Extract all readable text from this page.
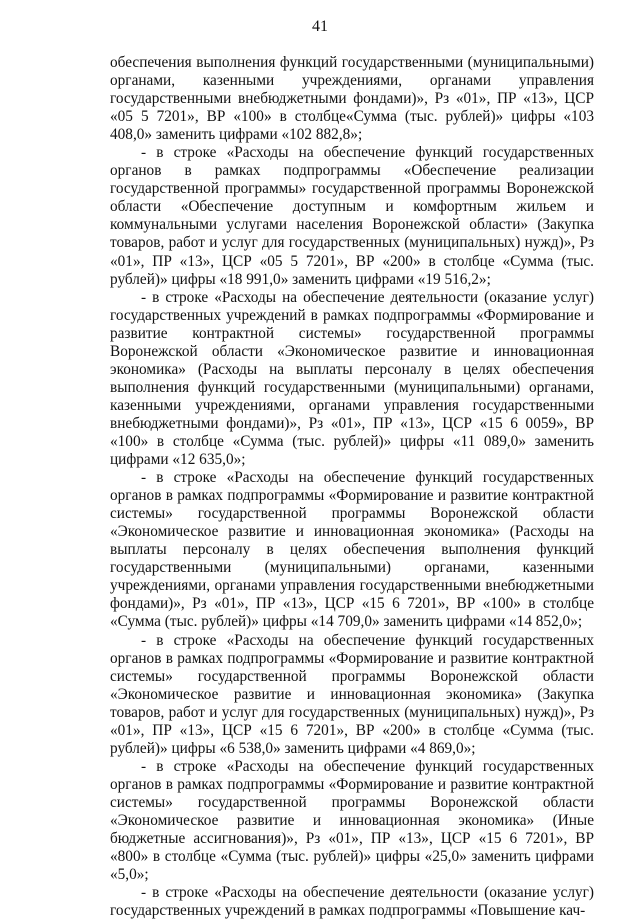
41

обеспечения выполнения функций государственными (муниципальными) органами, казенными учреждениями, органами управления государственными внебюджетными фондами)», Рз «01», ПР «13», ЦСР «05 5 7201», ВР «100» в столбце«Сумма (тыс. рублей)» цифры «103 408,0» заменить цифрами «102 882,8»;

- в строке «Расходы на обеспечение функций государственных органов в рамках подпрограммы «Обеспечение реализации государственной программы» государственной программы Воронежской области «Обеспечение доступным и комфортным жильем и коммунальными услугами населения Воронежской области» (Закупка товаров, работ и услуг для государственных (муниципальных) нужд)», Рз «01», ПР «13», ЦСР «05 5 7201», ВР «200» в столбце «Сумма (тыс. рублей)» цифры «18 991,0» заменить цифрами «19 516,2»;

- в строке «Расходы на обеспечение деятельности (оказание услуг) государственных учреждений в рамках подпрограммы «Формирование и развитие контрактной системы» государственной программы Воронежской области «Экономическое развитие и инновационная экономика» (Расходы на выплаты персоналу в целях обеспечения выполнения функций государственными (муниципальными) органами, казенными учреждениями, органами управления государственными внебюджетными фондами)», Рз «01», ПР «13», ЦСР «15 6 0059», ВР «100» в столбце «Сумма (тыс. рублей)» цифры «11 089,0» заменить цифрами «12 635,0»;

- в строке «Расходы на обеспечение функций государственных органов в рамках подпрограммы «Формирование и развитие контрактной системы» государственной программы Воронежской области «Экономическое развитие и инновационная экономика» (Расходы на выплаты персоналу в целях обеспечения выполнения функций государственными (муниципальными) органами, казенными учреждениями, органами управления государственными внебюджетными фондами)», Рз «01», ПР «13», ЦСР «15 6 7201», ВР «100» в столбце «Сумма (тыс. рублей)» цифры «14 709,0» заменить цифрами «14 852,0»;

- в строке «Расходы на обеспечение функций государственных органов в рамках подпрограммы «Формирование и развитие контрактной системы» государственной программы Воронежской области «Экономическое развитие и инновационная экономика» (Закупка товаров, работ и услуг для государственных (муниципальных) нужд)», Рз «01», ПР «13», ЦСР «15 6 7201», ВР «200» в столбце «Сумма (тыс. рублей)» цифры «6 538,0» заменить цифрами «4 869,0»;

- в строке «Расходы на обеспечение функций государственных органов в рамках подпрограммы «Формирование и развитие контрактной системы» государственной программы Воронежской области «Экономическое развитие и инновационная экономика» (Иные бюджетные ассигнования)», Рз «01», ПР «13», ЦСР «15 6 7201», ВР «800» в столбце «Сумма (тыс. рублей)» цифры «25,0» заменить цифрами «5,0»;

- в строке «Расходы на обеспечение деятельности (оказание услуг) государственных учреждений в рамках подпрограммы «Повышение кач-
